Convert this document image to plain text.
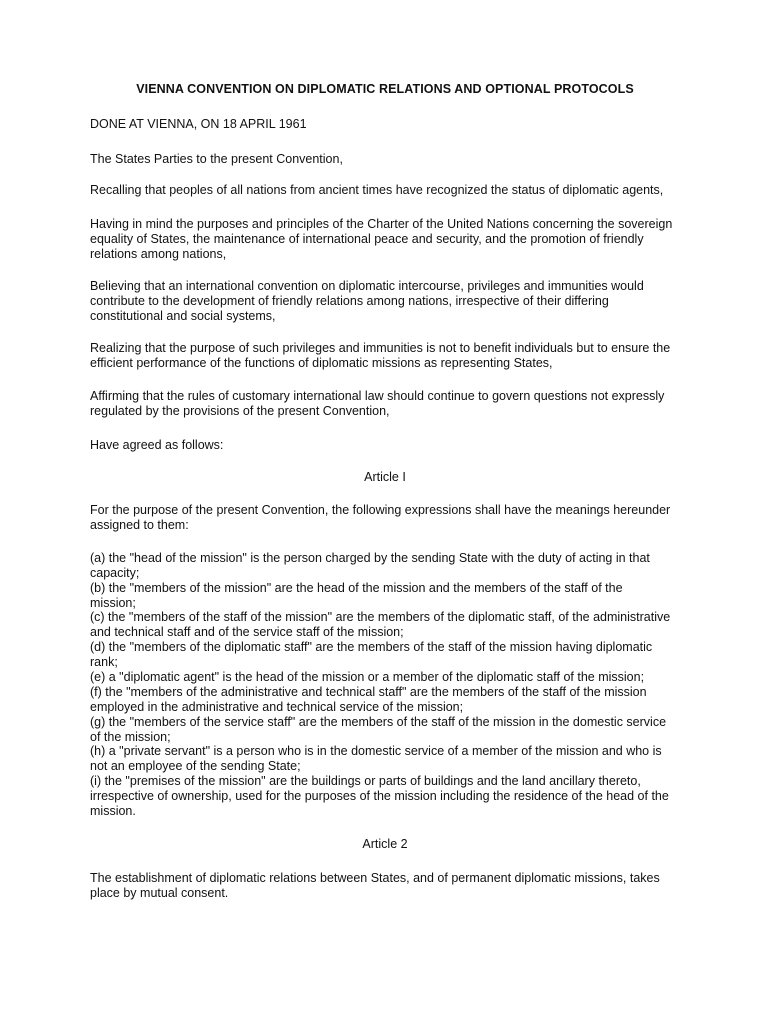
VIENNA CONVENTION ON DIPLOMATIC RELATIONS AND OPTIONAL PROTOCOLS
DONE AT VIENNA, ON 18 APRIL 1961
The States Parties to the present Convention,
Recalling that peoples of all nations from ancient times have recognized the status of diplomatic agents,
Having in mind the purposes and principles of the Charter of the United Nations concerning the sovereign
equality of States, the maintenance of international peace and security, and the promotion of friendly
relations among nations,
Believing that an international convention on diplomatic intercourse, privileges and immunities would
contribute to the development of friendly relations among nations, irrespective of their differing
constitutional and social systems,
Realizing that the purpose of such privileges and immunities is not to benefit individuals but to ensure the
efficient performance of the functions of diplomatic missions as representing States,
Affirming that the rules of customary international law should continue to govern questions not expressly
regulated by the provisions of the present Convention,
Have agreed as follows:
Article I
For the purpose of the present Convention, the following expressions shall have the meanings hereunder
assigned to them:
(a) the "head of the mission" is the person charged by the sending State with the duty of acting in that
capacity;
(b) the "members of the mission" are the head of the mission and the members of the staff of the
mission;
(c) the "members of the staff of the mission" are the members of the diplomatic staff, of the administrative
and technical staff and of the service staff of the mission;
(d) the "members of the diplomatic staff" are the members of the staff of the mission having diplomatic
rank;
(e) a "diplomatic agent" is the head of the mission or a member of the diplomatic staff of the mission;
(f) the "members of the administrative and technical staff" are the members of the staff of the mission
employed in the administrative and technical service of the mission;
(g) the "members of the service staff" are the members of the staff of the mission in the domestic service
of the mission;
(h) a "private servant" is a person who is in the domestic service of a member of the mission and who is
not an employee of the sending State;
(i) the "premises of the mission" are the buildings or parts of buildings and the land ancillary thereto,
irrespective of ownership, used for the purposes of the mission including the residence of the head of the
mission.
Article 2
The establishment of diplomatic relations between States, and of permanent diplomatic missions, takes
place by mutual consent.
